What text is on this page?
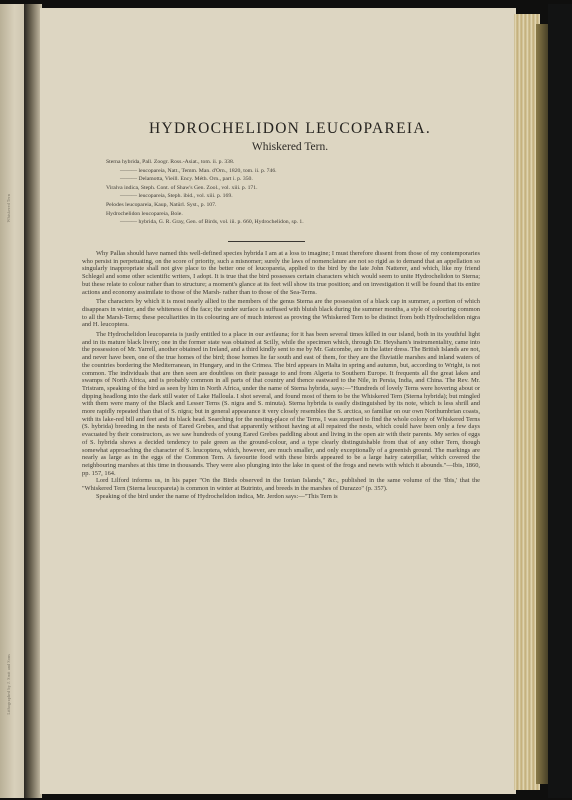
Whiskered Tern
Lithographed by J. Smit and Sons
HYDROCHELIDON LEUCOPAREIA.
Whiskered Tern.
Sterna hybrida, Pall. Zoogr. Ross.-Asiat., tom. ii. p. 338.
——— leucopareia, Natt., Temm. Man. d'Orn., 1820, tom. ii. p. 746.
——— Delamotta, Vieill. Ency. Méth. Orn., part i. p. 350.
Viralva indica, Steph. Cont. of Shaw's Gen. Zool., vol. xiii. p. 171.
——— leucopareia, Steph. ibid., vol. xiii. p. 169.
Pelodes leucopareia, Kaup, Natürl. Syst., p. 107.
Hydrochelidon leucopareia, Boie.
——— hybrida, G. R. Gray, Gen. of Birds, vol. iii. p. 660, Hydrochelidon, sp. 1.

Why Pallas should have named this well-defined species hybrida I am at a loss to imagine; I must therefore dissent from those of my contemporaries who persist in perpetuating, on the score of priority, such a misnomer; surely the laws of nomenclature are not so rigid as to demand that an appellation so singularly inappropriate shall not give place to the better one of leucopareia, applied to the bird by the late John Natterer, and which, like my friend Schlegel and some other scientific writers, I adopt. It is true that the bird possesses certain characters which would seem to unite Hydrochelidon to Sterna; but these relate to colour rather than to structure; a moment's glance at its feet will show its true position; and on investigation it will be found that its entire actions and economy assimilate to those of the Marsh- rather than to those of the Sea-Terns.

The characters by which it is most nearly allied to the members of the genus Sterna are the possession of a black cap in summer, a portion of which disappears in winter, and the whiteness of the face; the under surface is suffused with bluish black during the summer months, a style of colouring common to all the Marsh-Terns; these peculiarities in its colouring are of much interest as proving the Whiskered Tern to be distinct from both Hydrochelidon nigra and H. leucoptera.

The Hydrochelidon leucopareia is justly entitled to a place in our avifauna; for it has been several times killed in our island, both in its youthful light and in its mature black livery; one in the former state was obtained at Scilly, while the specimen which, through Dr. Heysham's instrumentality, came into the possession of Mr. Yarrell, another obtained in Ireland, and a third kindly sent to me by Mr. Gatcombe, are in the latter dress. The British Islands are not, and never have been, one of the true homes of the bird; those homes lie far south and east of them, for they are the fluviatile marshes and inland waters of the countries bordering the Mediterranean, in Hungary, and in the Crimea. The bird appears in Malta in spring and autumn, but, according to Wright, is not common. The individuals that are then seen are doubtless on their passage to and from Algeria to Southern Europe. It frequents all the great lakes and swamps of North Africa, and is probably common in all parts of that country and thence eastward to the Nile, in Persia, India, and China. The Rev. Mr. Tristram, speaking of the bird as seen by him in North Africa, under the name of Sterna hybrida, says:—"Hundreds of lovely Terns were hovering about or dipping headlong into the dark still water of Lake Halloula. I shot several, and found most of them to be the Whiskered Tern (Sterna hybrida); but mingled with them were many of the Black and Lesser Terns (S. nigra and S. minuta). Sterna hybrida is easily distinguished by its note, which is less shrill and more rapidly repeated than that of S. nigra; but in general appearance it very closely resembles the S. arctica, so familiar on our own Northumbrian coasts, with its lake-red bill and feet and its black head. Searching for the nesting-place of the Terns, I was surprised to find the whole colony of Whiskered Terns (S. hybrida) breeding in the nests of Eared Grebes, and that apparently without having at all repaired the nests, which could have been only a few days evacuated by their constructors, as we saw hundreds of young Eared Grebes paddling about and living in the open air with their parents. My series of eggs of S. hybrida shows a decided tendency to pale green as the ground-colour, and a type clearly distinguishable from that of any other Tern, though somewhat approaching the character of S. leucoptera, which, however, are much smaller, and only exceptionally of a greenish ground. The markings are nearly as large as in the eggs of the Common Tern. A favourite food with these birds appeared to be a large hairy caterpillar, which covered the neighbouring marshes at this time in thousands. They were also plunging into the lake in quest of the frogs and newts with which it abounds."—Ibis, 1860, pp. 157, 164.

Lord Lilford informs us, in his paper "On the Birds observed in the Ionian Islands," &c., published in the same volume of the 'Ibis,' that the "Whiskered Tern (Sterna leucopareia) is common in winter at Butrinto, and breeds in the marshes of Durazzo" (p. 357).

Speaking of the bird under the name of Hydrochelidon indica, Mr. Jerdon says:—"This Tern is
